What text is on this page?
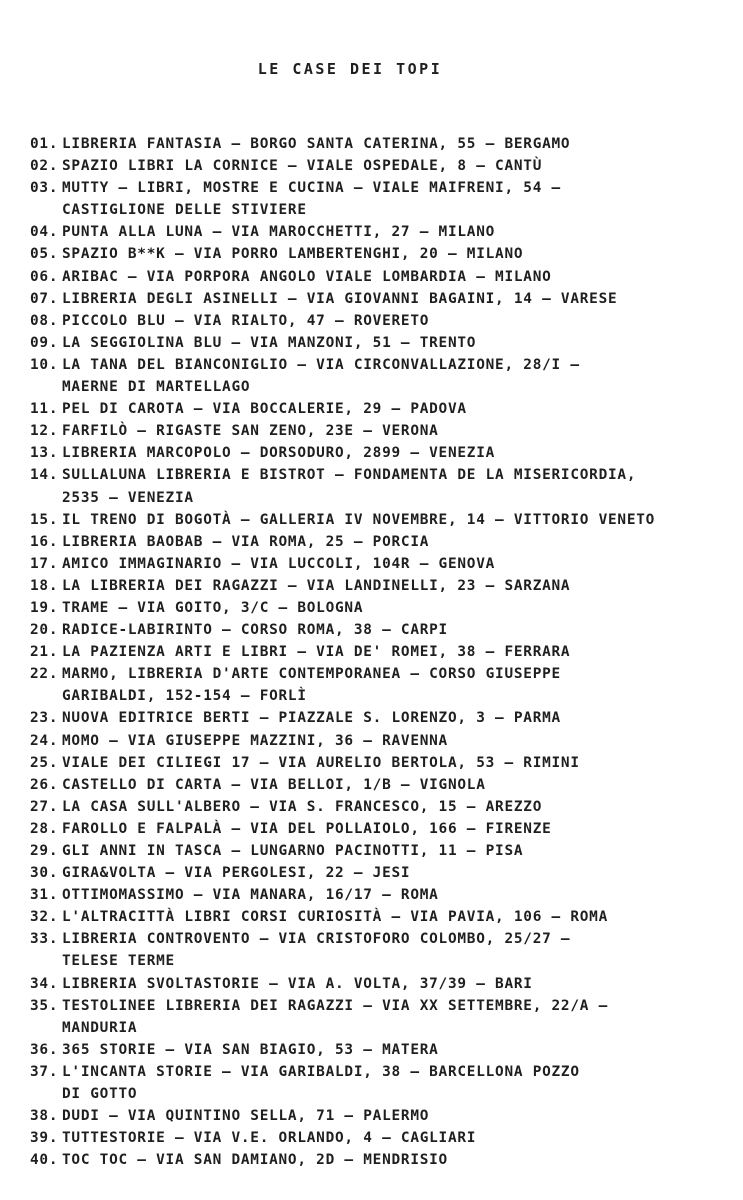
LE CASE DEI TOPI
01. LIBRERIA FANTASIA – BORGO SANTA CATERINA, 55 – BERGAMO
02. SPAZIO LIBRI LA CORNICE – VIALE OSPEDALE, 8 – CANTÙ
03. MUTTY – LIBRI, MOSTRE E CUCINA – VIALE MAIFRENI, 54 –
CASTIGLIONE DELLE STIVIERE
04. PUNTA ALLA LUNA – VIA MAROCCHETTI, 27 – MILANO
05. SPAZIO B**K – VIA PORRO LAMBERTENGHI, 20 – MILANO
06. ARIBAC – VIA PORPORA ANGOLO VIALE LOMBARDIA – MILANO
07. LIBRERIA DEGLI ASINELLI – VIA GIOVANNI BAGAINI, 14 – VARESE
08. PICCOLO BLU – VIA RIALTO, 47 – ROVERETO
09. LA SEGGIOLINA BLU – VIA MANZONI, 51 – TRENTO
10. LA TANA DEL BIANCONIGLIO – VIA CIRCONVALLAZIONE, 28/I –
MAERNE DI MARTELLAGO
11. PEL DI CAROTA – VIA BOCCALERIE, 29 – PADOVA
12. FARFILÒ – RIGASTE SAN ZENO, 23E – VERONA
13. LIBRERIA MARCOPOLO – DORSODURO, 2899 – VENEZIA
14. SULLALUNA LIBRERIA E BISTROT – FONDAMENTA DE LA MISERICORDIA,
2535 – VENEZIA
15. IL TRENO DI BOGOTÀ – GALLERIA IV NOVEMBRE, 14 – VITTORIO VENETO
16. LIBRERIA BAOBAB – VIA ROMA, 25 – PORCIA
17. AMICO IMMAGINARIO – VIA LUCCOLI, 104R – GENOVA
18. LA LIBRERIA DEI RAGAZZI – VIA LANDINELLI, 23 – SARZANA
19. TRAME – VIA GOITO, 3/C – BOLOGNA
20. RADICE-LABIRINTO – CORSO ROMA, 38 – CARPI
21. LA PAZIENZA ARTI E LIBRI – VIA DE' ROMEI, 38 – FERRARA
22. MARMO, LIBRERIA D'ARTE CONTEMPORANEA – CORSO GIUSEPPE
GARIBALDI, 152-154 – FORLÌ
23. NUOVA EDITRICE BERTI – PIAZZALE S. LORENZO, 3 – PARMA
24. MOMO – VIA GIUSEPPE MAZZINI, 36 – RAVENNA
25. VIALE DEI CILIEGI 17 – VIA AURELIO BERTOLA, 53 – RIMINI
26. CASTELLO DI CARTA – VIA BELLOI, 1/B – VIGNOLA
27. LA CASA SULL'ALBERO – VIA S. FRANCESCO, 15 – AREZZO
28. FAROLLO E FALPALÀ – VIA DEL POLLAIOLO, 166 – FIRENZE
29. GLI ANNI IN TASCA – LUNGARNO PACINOTTI, 11 – PISA
30. GIRA&VOLTA – VIA PERGOLESI, 22 – JESI
31. OTTIMOMASSIMO – VIA MANARA, 16/17 – ROMA
32. L'ALTRACITTÀ LIBRI CORSI CURIOSITÀ – VIA PAVIA, 106 – ROMA
33. LIBRERIA CONTROVENTO – VIA CRISTOFORO COLOMBO, 25/27 –
TELESE TERME
34. LIBRERIA SVOLTASTORIE – VIA A. VOLTA, 37/39 – BARI
35. TESTOLINEE LIBRERIA DEI RAGAZZI – VIA XX SETTEMBRE, 22/A –
MANDURIA
36. 365 STORIE – VIA SAN BIAGIO, 53 – MATERA
37. L'INCANTA STORIE – VIA GARIBALDI, 38 – BARCELLONA POZZO
DI GOTTO
38. DUDI – VIA QUINTINO SELLA, 71 – PALERMO
39. TUTTESTORIE – VIA V.E. ORLANDO, 4 – CAGLIARI
40. TOC TOC – VIA SAN DAMIANO, 2D – MENDRISIO
